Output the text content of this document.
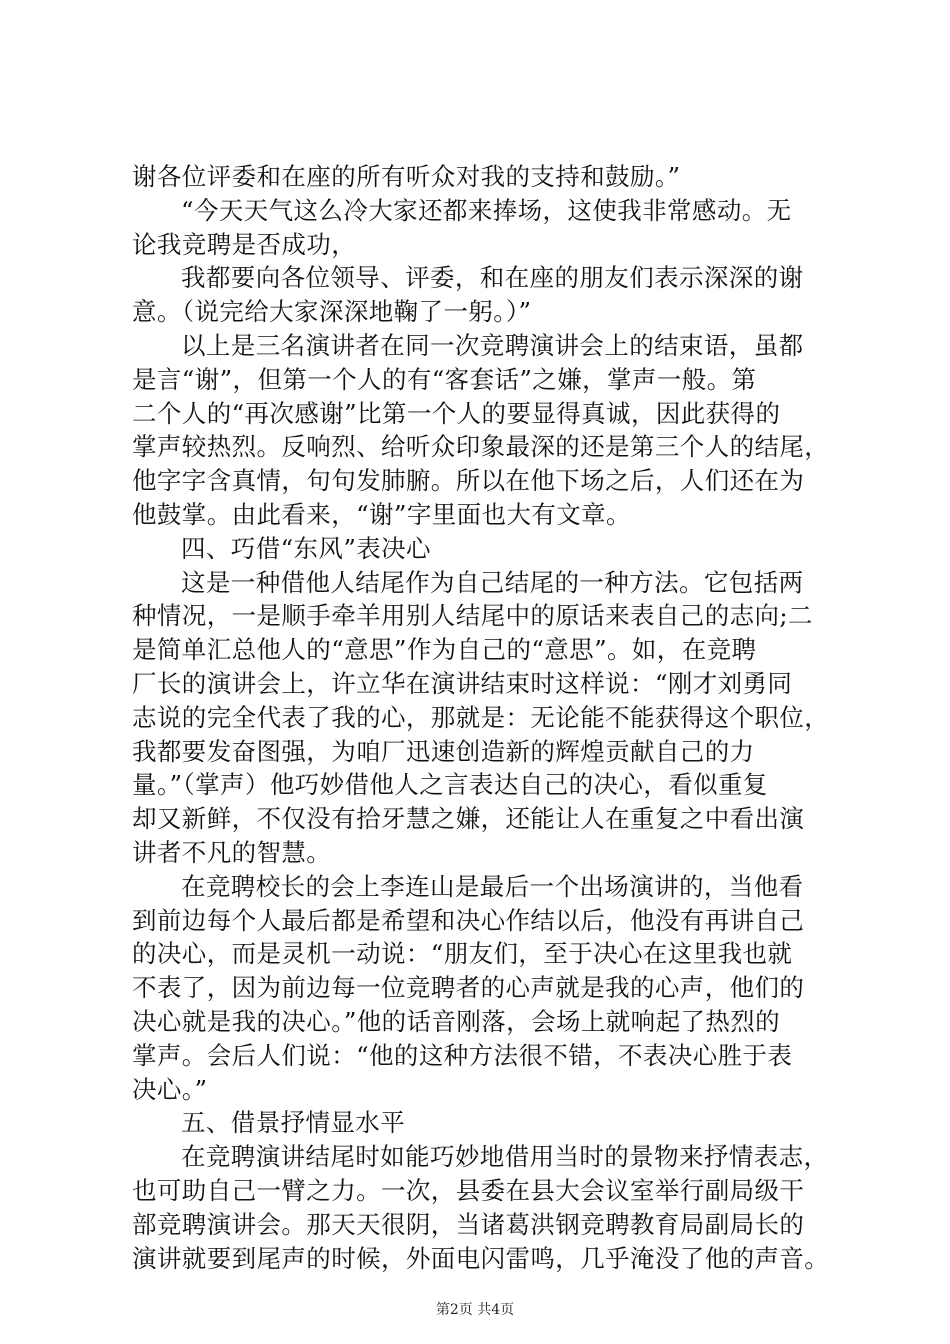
谢各位评委和在座的所有听众对我的支持和鼓励。”
“今天天气这么冷大家还都来捧场，这使我非常感动。无
论我竞聘是否成功，
我都要向各位领导、评委，和在座的朋友们表示深深的谢
意。（说完给大家深深地鞠了一躬。）”
以上是三名演讲者在同一次竞聘演讲会上的结束语，虽都
是言“谢”，但第一个人的有“客套话”之嫌，掌声一般。第
二个人的“再次感谢”比第一个人的要显得真诚，因此获得的
掌声较热烈。反响烈、给听众印象最深的还是第三个人的结尾，
他字字含真情，句句发肺腑。所以在他下场之后，人们还在为
他鼓掌。由此看来，“谢”字里面也大有文章。
四、巧借“东风”表决心
这是一种借他人结尾作为自己结尾的一种方法。它包括两
种情况，一是顺手牵羊用别人结尾中的原话来表自己的志向;二
是简单汇总他人的“意思”作为自己的“意思”。如，在竞聘
厂长的演讲会上，许立华在演讲结束时这样说：“刚才刘勇同
志说的完全代表了我的心，那就是：无论能不能获得这个职位，
我都要发奋图强，为咱厂迅速创造新的辉煌贡献自己的力
量。”（掌声）他巧妙借他人之言表达自己的决心，看似重复
却又新鲜，不仅没有拾牙慧之嫌，还能让人在重复之中看出演
讲者不凡的智慧。
在竞聘校长的会上李连山是最后一个出场演讲的，当他看
到前边每个人最后都是希望和决心作结以后，他没有再讲自己
的决心，而是灵机一动说：“朋友们，至于决心在这里我也就
不表了，因为前边每一位竞聘者的心声就是我的心声，他们的
决心就是我的决心。”他的话音刚落，会场上就响起了热烈的
掌声。会后人们说：“他的这种方法很不错，不表决心胜于表
决心。”
五、借景抒情显水平
在竞聘演讲结尾时如能巧妙地借用当时的景物来抒情表志，
也可助自己一臂之力。一次，县委在县大会议室举行副局级干
部竞聘演讲会。那天天很阴，当诸葛洪钢竞聘教育局副局长的
演讲就要到尾声的时候，外面电闪雷鸣，几乎淹没了他的声音。
第2页 共4页
